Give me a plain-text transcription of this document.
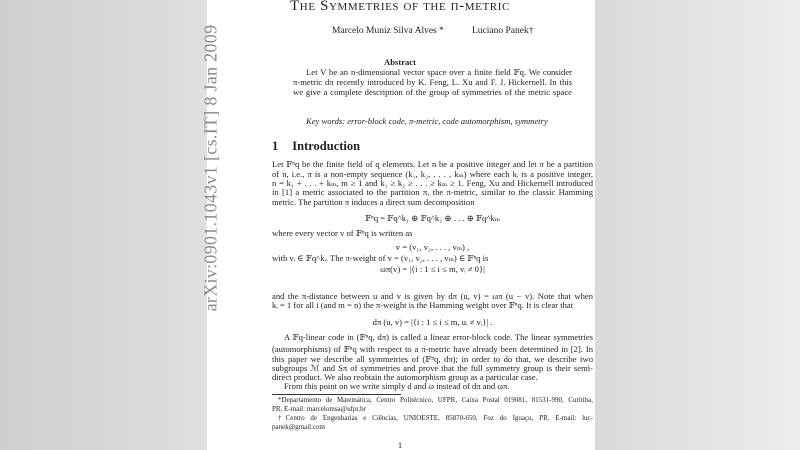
arXiv:0901.1043v1 [cs.IT] 8 Jan 2009
The Symmetries of the π-metric
Marcelo Muniz Silva Alves *	Luciano Panek†
Abstract
Let V be an n-dimensional vector space over a finite field 𝔽q. We consider
π-metric dπ recently introduced by K. Feng, L. Xu and F. J. Hickernell. In this
we give a complete description of the group of symmetries of the metric space
Key words: error-block code, π-metric, code automorphism, symmetry
1 Introduction
Let 𝔽ⁿq be the finite field of q elements. Let n be a positive integer and let π be a partition
of n, i.e., π is a non-empty sequence (k₁, k₂, . . . , kₘ) where each kᵢ is a positive integer,
n = k₁ + . . . + kₘ, m ≥ 1 and k₁ ≥ k₂ ≥ . . . ≥ kₘ ≥ 1. Feng, Xu and Hickernell introduced
in [1] a metric associated to the partition π, the π-metric, similar to the classic Hamming
metric. The partition π induces a direct sum decomposition
𝔽ⁿq = 𝔽q^k₁ ⊕ 𝔽q^k₂ ⊕ . . . ⊕ 𝔽q^kₘ
where every vector v of 𝔽ⁿq is written as
v = (v₁, v₂, . . . , vₘ) ,
with vᵢ ∈ 𝔽q^kᵢ. The π-weight of v = (v₁, v₂, . . . , vₘ) ∈ 𝔽ⁿq is
ωπ(v) = |{i : 1 ≤ i ≤ m, vᵢ ≠ 0}|
and the π-distance between u and v is given by dπ (u, v) = ωπ (u − v). Note that when
kᵢ = 1 for all i (and m = n) the π-weight is the Hamming weight over 𝔽ⁿq. It is clear that
dπ (u, v) = |{i : 1 ≤ i ≤ m, uᵢ ≠ vᵢ}| .
A 𝔽q-linear code in (𝔽ⁿq, dπ) is called a linear error-block code. The linear symmetries
(automorphisms) of 𝔽ⁿq with respect to a π-metric have already been determined in [2]. In
this paper we describe all symmetries of (𝔽ⁿq, dπ); in order to do that, we describe two
subgroups ℳ and Sπ of symmetries and prove that the full symmetry group is their semi-
direct product. We also reobtain the automorphism group as a particular case.
From this point on we write simply d and ω instead of dπ and ωπ.
*Departamento de Matemática, Centro Politécnico, UFPR, Caixa Postal 019081, 81531-990, Curitiba,
PR, E-mail: marcelomsa@ufpr.br
†Centro de Engenharias e Ciências, UNIOESTE, 85870-650, Foz do Iguaçu, PR. E-mail: luc-
panek@gmail.com
1
